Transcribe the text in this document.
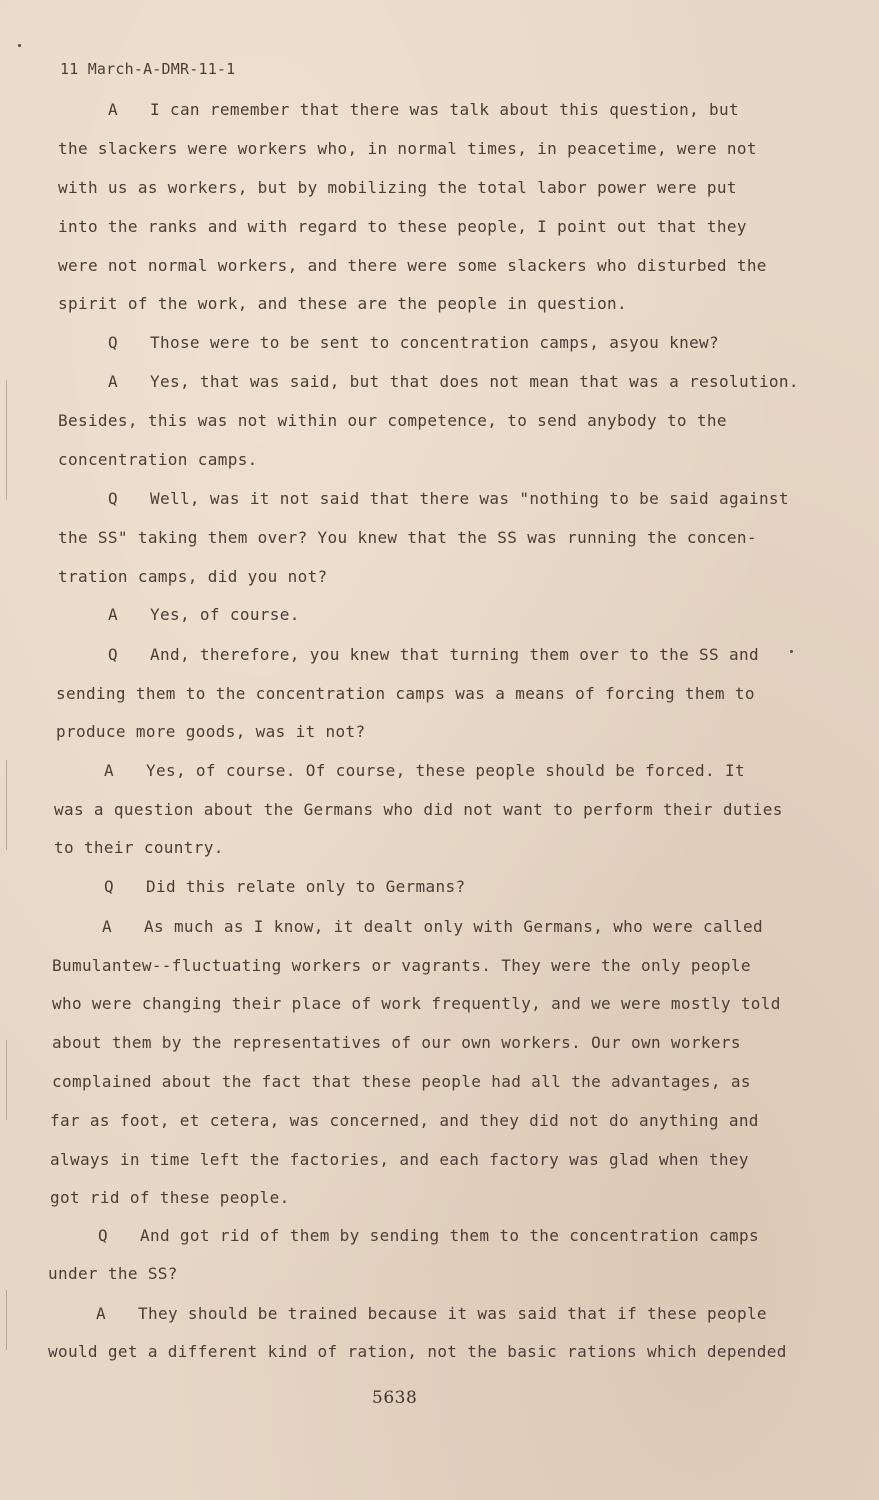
11 March-A-DMR-11-1
A I can remember that there was talk about this question, but
the slackers were workers who, in normal times, in peacetime, were not
with us as workers, but by mobilizing the total labor power were put
into the ranks and with regard to these people, I point out that they
were not normal workers, and there were some slackers who disturbed the
spirit of the work, and these are the people in question.
Q Those were to be sent to concentration camps, asyou knew?
A Yes, that was said, but that does not mean that was a resolution.
Besides, this was not within our competence, to send anybody to the
concentration camps.
Q Well, was it not said that there was "nothing to be said against
the SS" taking them over? You knew that the SS was running the concen-
tration camps, did you not?
A Yes, of course.
Q And, therefore, you knew that turning them over to the SS and
sending them to the concentration camps was a means of forcing them to
produce more goods, was it not?
A Yes, of course. Of course, these people should be forced. It
was a question about the Germans who did not want to perform their duties
to their country.
Q Did this relate only to Germans?
A As much as I know, it dealt only with Germans, who were called
Bumulantew--fluctuating workers or vagrants. They were the only people
who were changing their place of work frequently, and we were mostly told
about them by the representatives of our own workers. Our own workers
complained about the fact that these people had all the advantages, as
far as foot, et cetera, was concerned, and they did not do anything and
always in time left the factories, and each factory was glad when they
got rid of these people.
Q And got rid of them by sending them to the concentration camps
under the SS?
A They should be trained because it was said that if these people
would get a different kind of ration, not the basic rations which depended
5638
